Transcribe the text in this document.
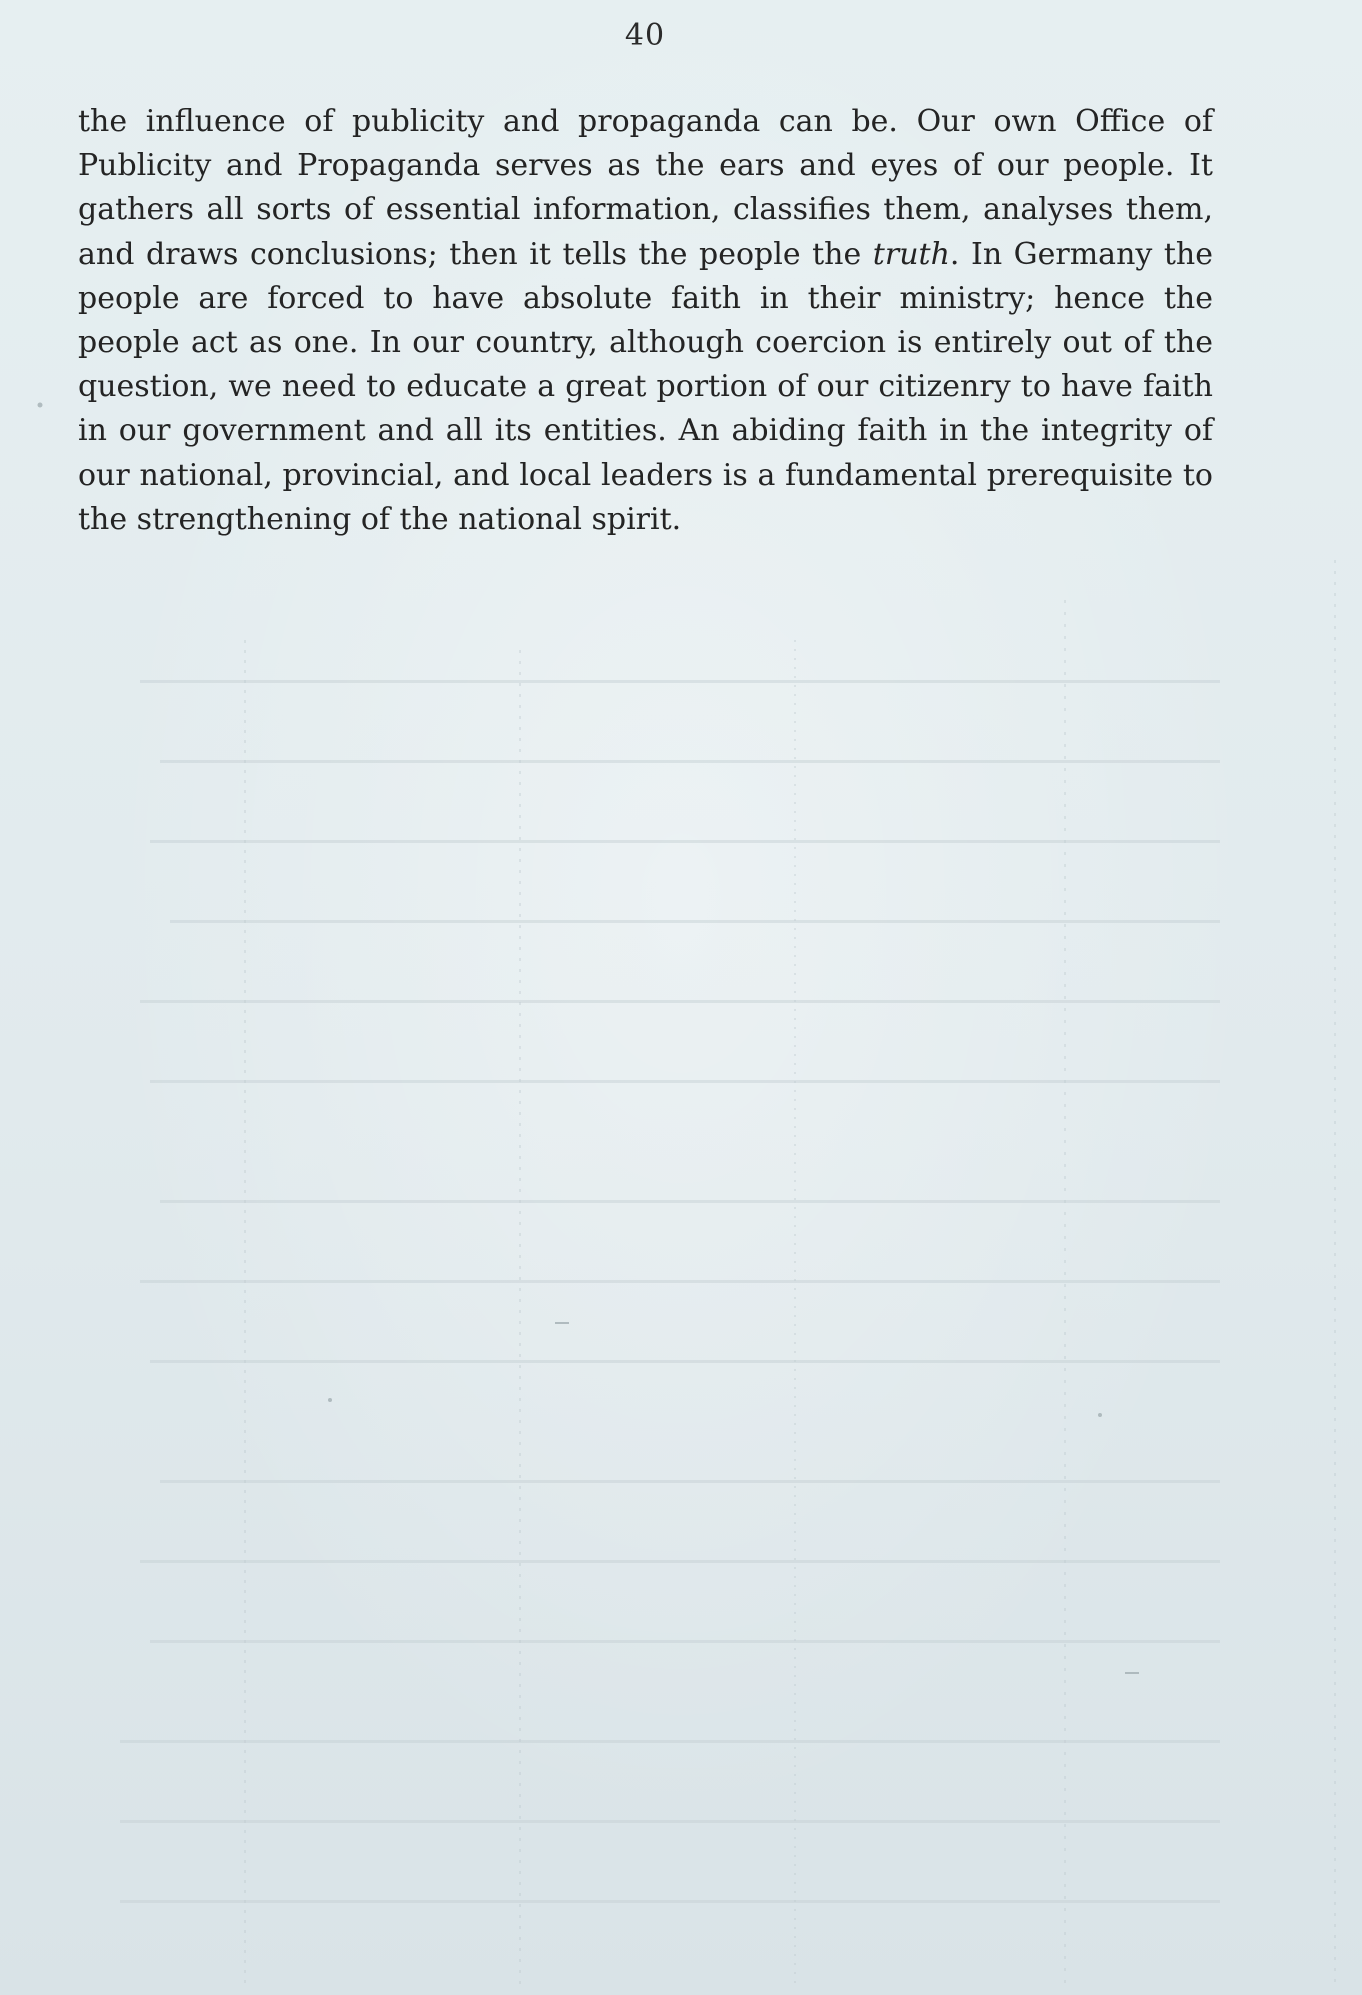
40

the influence of publicity and propaganda can be. Our own Office of Publicity and Propaganda serves as the ears and eyes of our people. It gathers all sorts of essential information, classifies them, analyses them, and draws conclusions; then it tells the people the truth. In Germany the people are forced to have absolute faith in their ministry; hence the people act as one. In our country, although coercion is entirely out of the question, we need to educate a great portion of our citizenry to have faith in our government and all its entities. An abiding faith in the integrity of our national, provincial, and local leaders is a fundamental prerequisite to the strengthening of the national spirit.
